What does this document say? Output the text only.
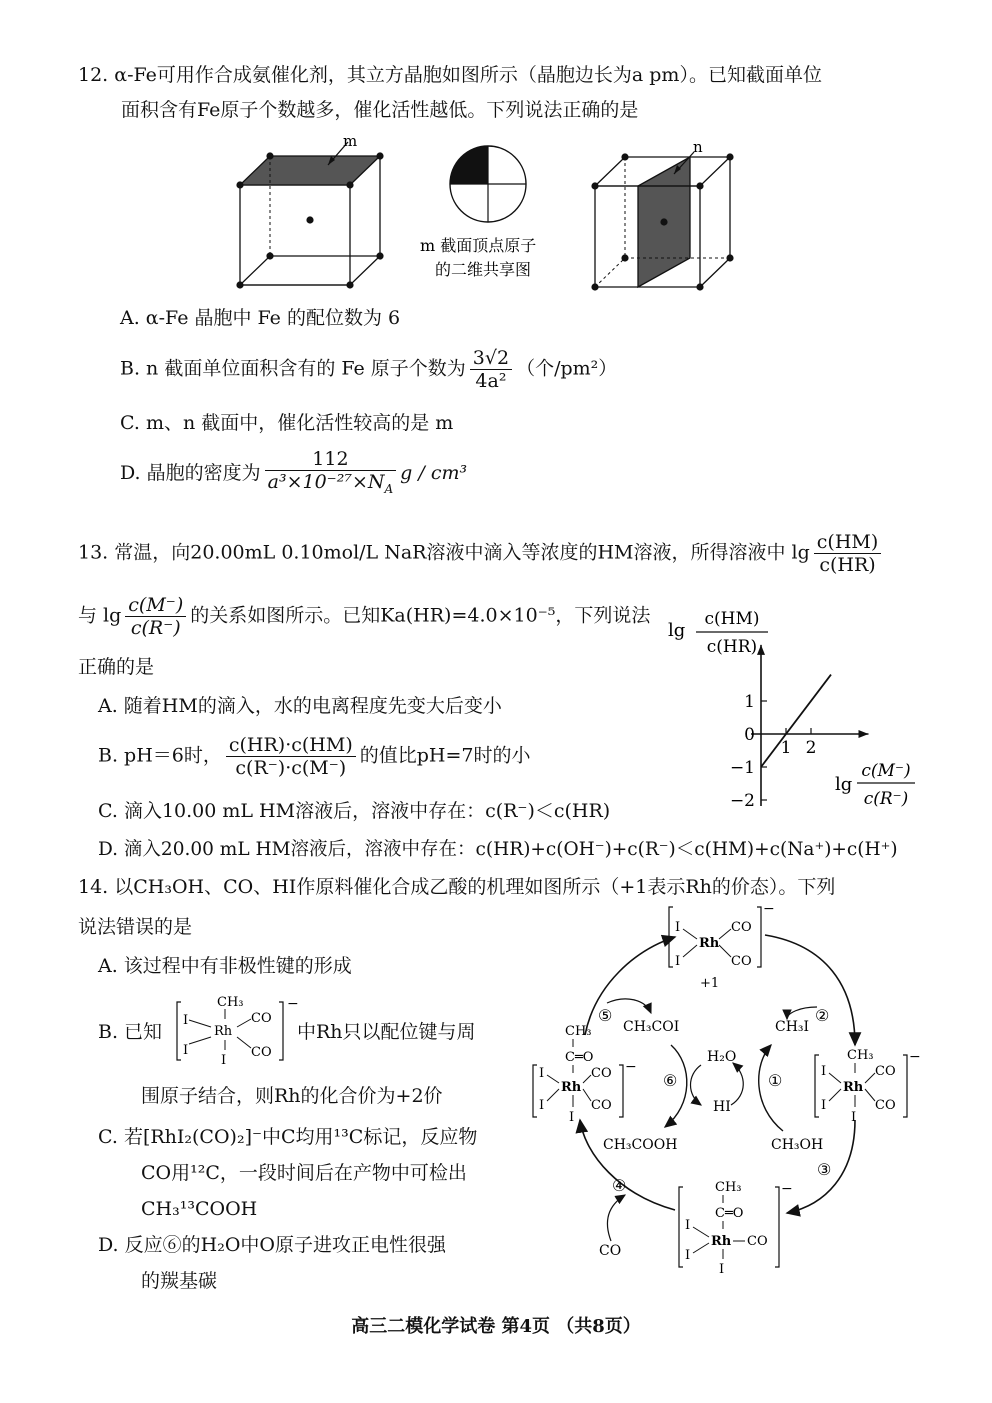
12. α-Fe可用作合成氨催化剂，其立方晶胞如图所示（晶胞边长为a pm）。已知截面单位
面积含有Fe原子个数越多，催化活性越低。下列说法正确的是
m
m 截面顶点原子
的二维共享图
n
A. α-Fe 晶胞中 Fe 的配位数为 6
B. n 截面单位面积含有的 Fe 原子个数为 $\frac{3√2}{\text{4a²}}$ （个/pm²）
C. m、n 截面中，催化活性较高的是 m
D. 晶胞的密度为 $\frac{112}{a^3\times 10^{-27}\times N_A}$ g / cm³
13. 常温，向20.00mL 0.10mol/L NaR溶液中滴入等浓度的HM溶液，所得溶液中 $\lg \frac{c(HM)}{c(HR)}$
与 $\lg \frac{c(M^-)}{c(R^-)}$ 的关系如图所示。已知Ka(HR)=4.0×10⁻⁵，下列说法
正确的是
1 2
1
0
−1
−2
lg
c(HM)
c(HR)
lg
c(M⁻)
c(R⁻)
A. 随着HM的滴入，水的电离程度先变大后变小
B. pH＝6时， $\frac{c(HR)\cdot c(HM)}{c(R^-)\cdot c(M^-)}$ 的值比pH=7时的小
C. 滴入10.00 mL HM溶液后，溶液中存在：c(R⁻)＜c(HR)
D. 滴入20.00 mL HM溶液后，溶液中存在：c(HR)+c(OH⁻)+c(R⁻)＜c(HM)+c(Na⁺)+c(H⁺)
14. 以CH₃OH、CO、HI作原料催化合成乙酸的机理如图所示（+1表示Rh的价态）。下列
说法错误的是
A. 该过程中有非极性键的形成
B. 已知
−
CH₃
Rh
I
I
CO
CO
I
中Rh只以配位键与周
围原子结合，则Rh的化合价为+2价
C. 若[RhI₂(CO)₂]⁻中C均用¹³C标记，反应物
CO用¹²C，一段时间后在产物中可检出
CH₃¹³COOH
D. 反应⑥的H₂O中O原子进攻正电性很强
的羰基碳
−
I
I
Rh
CO
CO
+1
−
CH₃
Rh
I
I
CO
CO
I
−
CH₃
C═O
Rh
I
I
CO
I
−
CH₃
C═O
Rh
I
I
CO
CO
I
②
③
④
⑤
⑥	①
CH₃I
CH₃COI
H₂O
HI
CH₃COOH	CH₃OH
CO
高三二模化学试卷 第4页 （共8页）
